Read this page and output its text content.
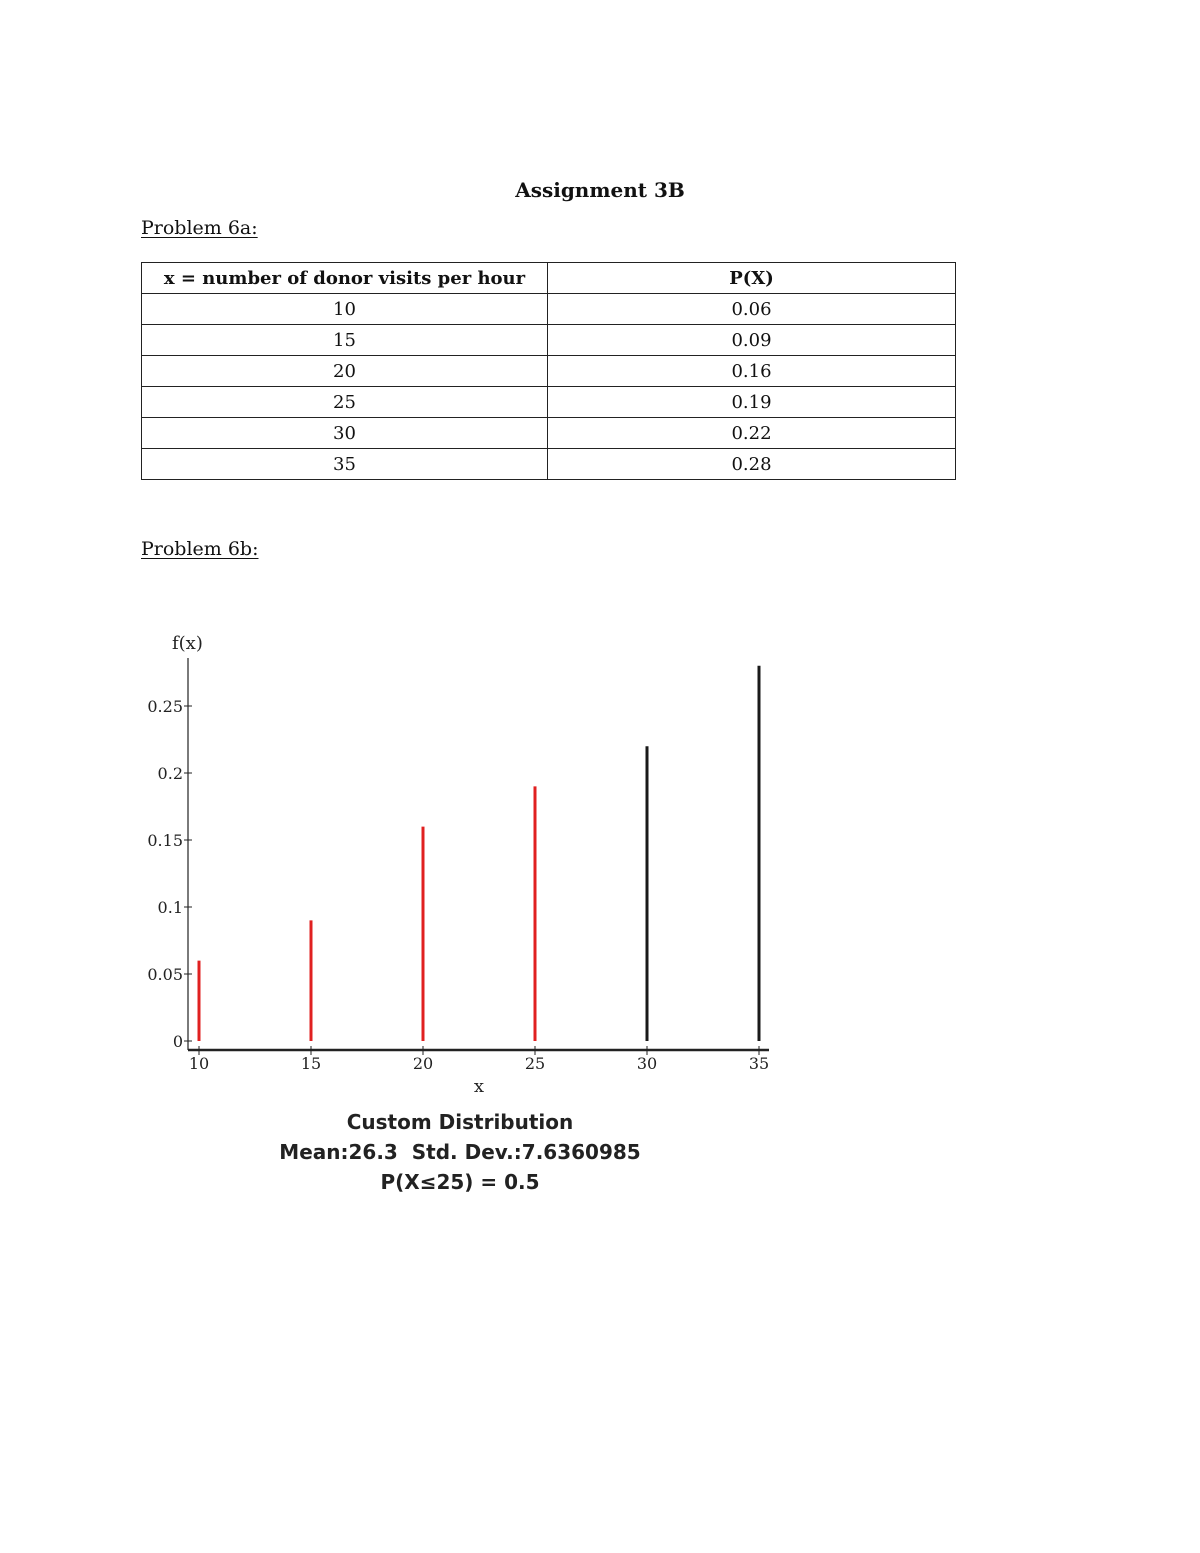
Assignment 3B
Problem 6a:
x = number of donor visits per hour	P(X)
10	0.06
15	0.09
20	0.16
25	0.19
30	0.22
35	0.28
Problem 6b:
0
0.05
0.1
0.15
0.2
0.25
10	15	20	25	30	35
f(x)
x
Custom Distribution
Mean:26.3  Std. Dev.:7.6360985
P(X≤25) = 0.5
